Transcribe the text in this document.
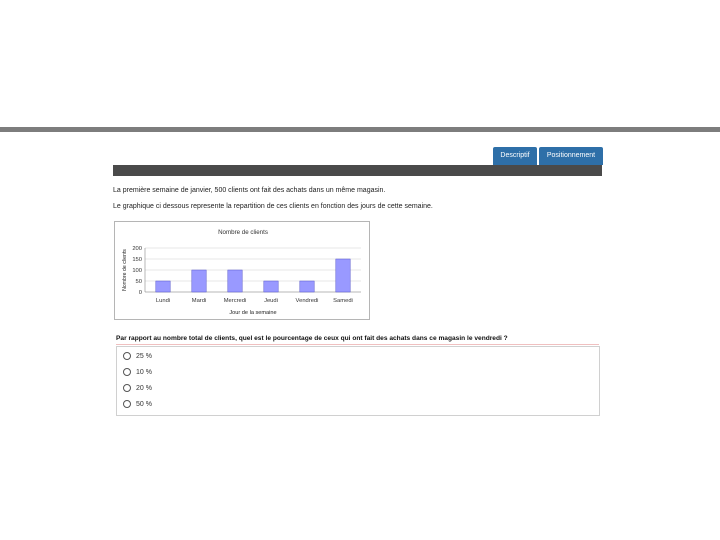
Descriptif	Positionnement
La première semaine de janvier, 500 clients ont fait des achats dans un même magasin.
Le graphique ci dessous represente la repartition de ces clients en fonction des jours de cette semaine.
Nombre de clients
0
50
100
150
200
Lundi	Mardi	Mercredi	Jeudi	Vendredi	Samedi
Jour de la semaine
Nombre de clients
Par rapport au nombre total de clients, quel est le pourcentage de ceux qui ont fait des achats dans ce magasin le vendredi ?
25 %
10 %
20 %
50 %
